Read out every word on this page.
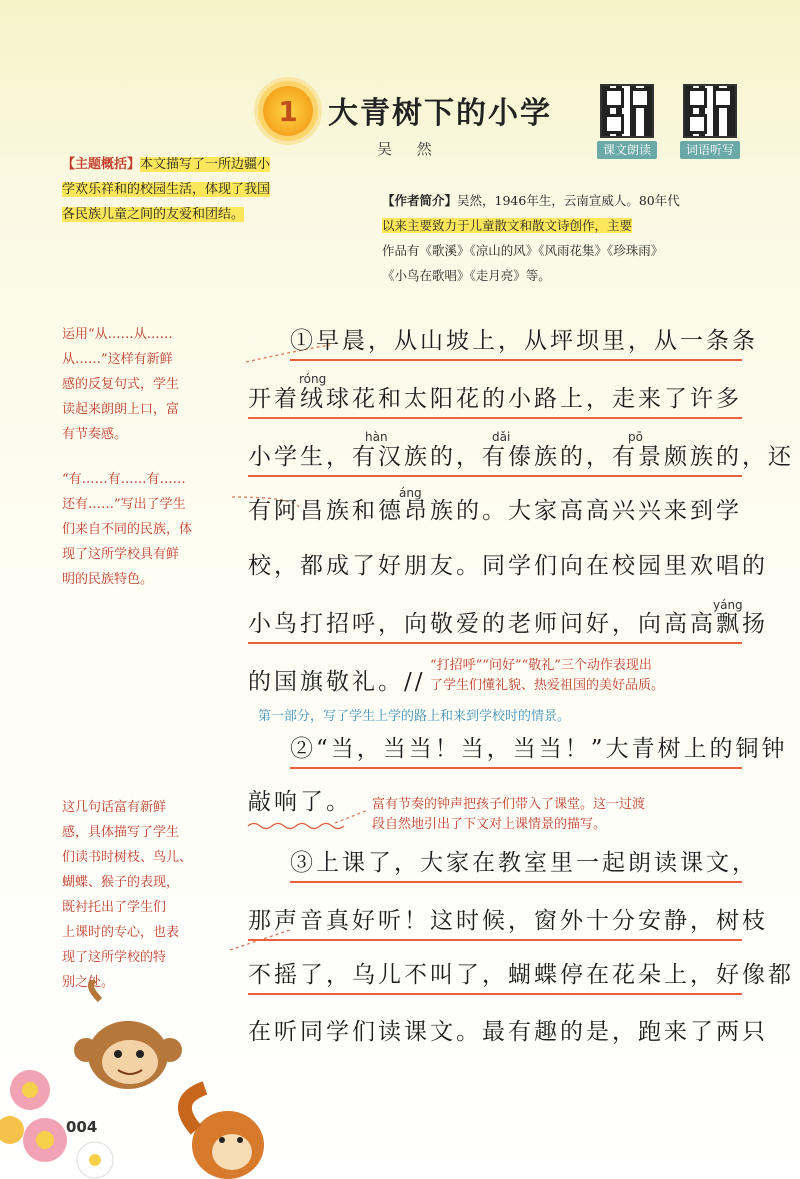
1 大青树下的小学
吴 然	课文朗读	词语听写
【主题概括】本文描写了一所边疆小
学欢乐祥和的校园生活，体现了我国
各民族儿童之间的友爱和团结。
【作者简介】吴然，1946年生，云南宣威人。80年代
以来主要致力于儿童散文和散文诗创作，主要
作品有《歌溪》《凉山的风》《风雨花集》《珍珠雨》
《小鸟在歌唱》《走月亮》等。
运用“从……从……
从……”这样有新鲜
感的反复句式，学生
读起来朗朗上口，富
有节奏感。
“有……有……有……
还有……”写出了学生
们来自不同的民族，体
现了这所学校具有鲜
明的民族特色。
这几句话富有新鲜
感，具体描写了学生
们读书时树枝、鸟儿、
蝴蝶、猴子的表现，
既衬托出了学生们
上课时的专心，也表
现了这所学校的特
别之处。
róng
hàn	dǎi	pō
áng
yáng
①早晨，从山坡上，从坪坝里，从一条条
开着绒球花和太阳花的小路上，走来了许多
小学生，有汉族的，有傣族的，有景颇族的，还
有阿昌族和德昂族的。大家高高兴兴来到学
校，都成了好朋友。同学们向在校园里欢唱的
小鸟打招呼，向敬爱的老师问好，向高高飘扬
的国旗敬礼。//
“打招呼”“问好”“敬礼”三个动作表现出
了学生们懂礼貌、热爱祖国的美好品质。
第一部分，写了学生上学的路上和来到学校时的情景。
②“当，当当！当，当当！”大青树上的铜钟
敲响了。	富有节奏的钟声把孩子们带入了课堂。这一过渡
段自然地引出了下文对上课情景的描写。
③上课了，大家在教室里一起朗读课文，
那声音真好听！这时候，窗外十分安静，树枝
不摇了，乌儿不叫了，蝴蝶停在花朵上，好像都
在听同学们读课文。最有趣的是，跑来了两只
004
